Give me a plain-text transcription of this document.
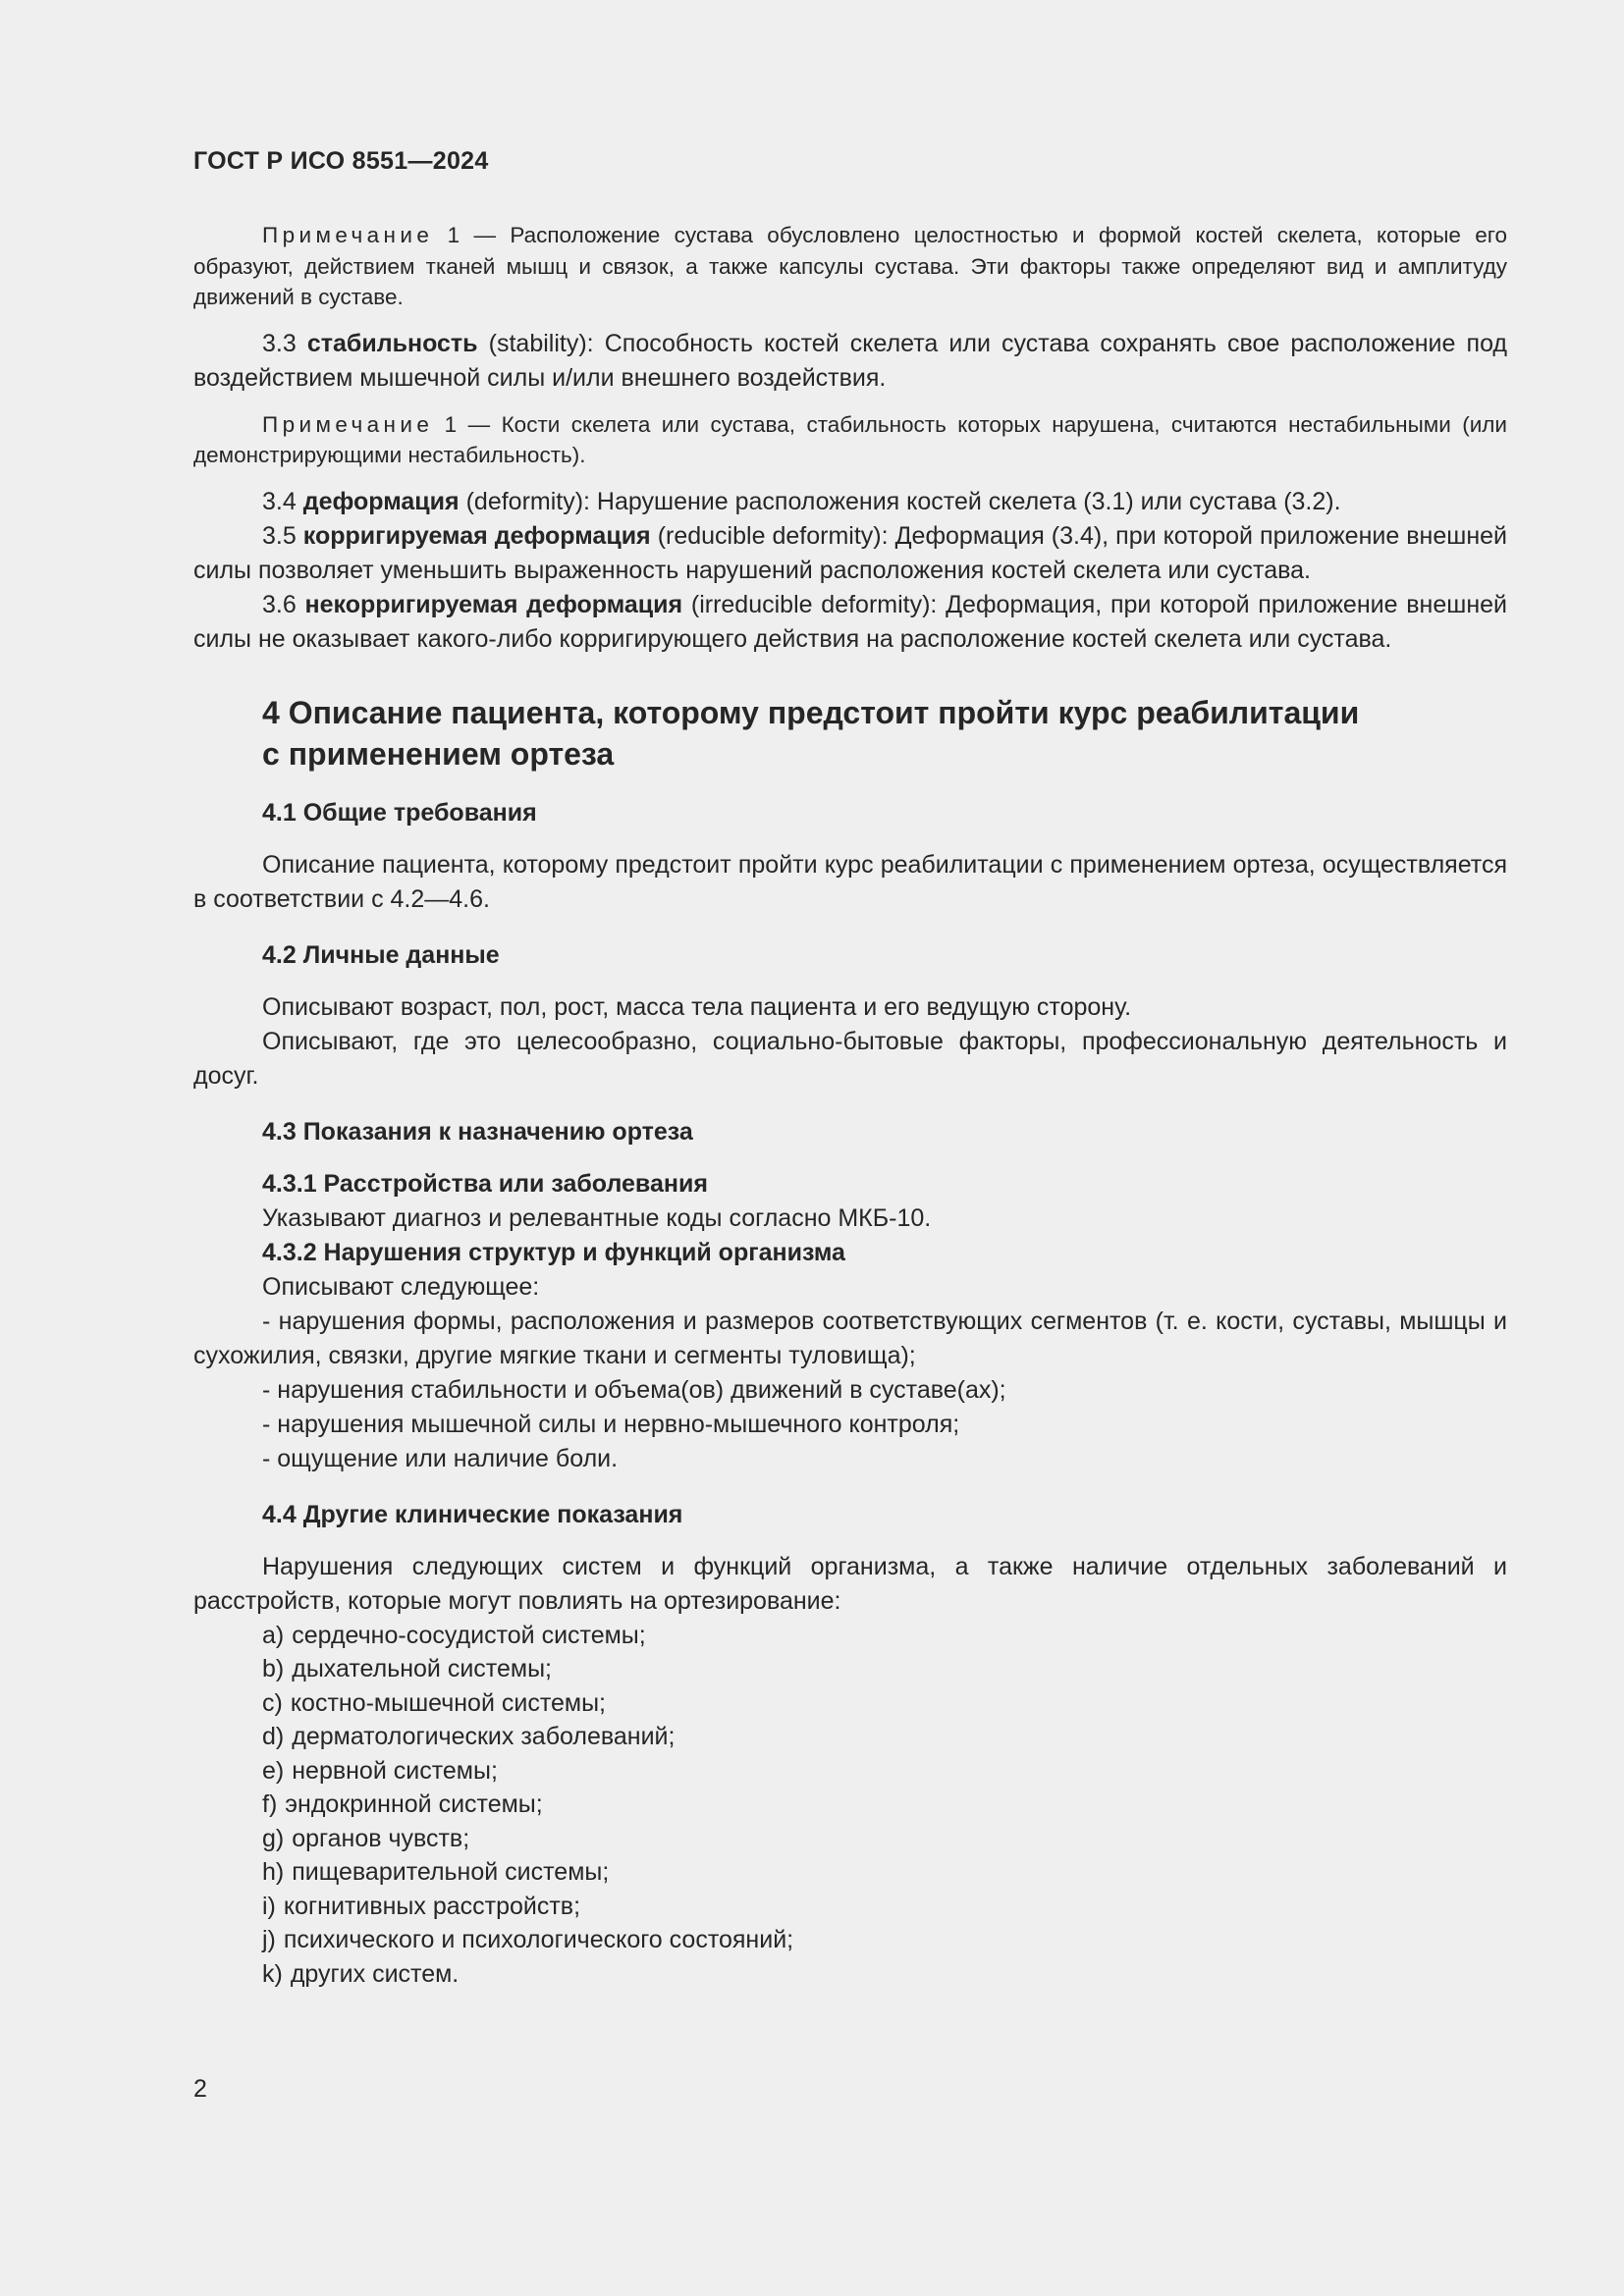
ГОСТ Р ИСО 8551—2024

Примечание 1 — Расположение сустава обусловлено целостностью и формой костей скелета, которые его образуют, действием тканей мышц и связок, а также капсулы сустава. Эти факторы также определяют вид и амплитуду движений в суставе.

3.3 стабильность (stability): Способность костей скелета или сустава сохранять свое расположение под воздействием мышечной силы и/или внешнего воздействия.

Примечание 1 — Кости скелета или сустава, стабильность которых нарушена, считаются нестабильными (или демонстрирующими нестабильность).

3.4 деформация (deformity): Нарушение расположения костей скелета (3.1) или сустава (3.2).

3.5 корригируемая деформация (reducible deformity): Деформация (3.4), при которой приложение внешней силы позволяет уменьшить выраженность нарушений расположения костей скелета или сустава.

3.6 некорригируемая деформация (irreducible deformity): Деформация, при которой приложение внешней силы не оказывает какого-либо корригирующего действия на расположение костей скелета или сустава.

4 Описание пациента, которому предстоит пройти курс реабилитации
с применением ортеза
4.1 Общие требования

Описание пациента, которому предстоит пройти курс реабилитации с применением ортеза, осуществляется в соответствии с 4.2—4.6.

4.2 Личные данные

Описывают возраст, пол, рост, масса тела пациента и его ведущую сторону.

Описывают, где это целесообразно, социально-бытовые факторы, профессиональную деятельность и досуг.

4.3 Показания к назначению ортеза
4.3.1 Расстройства или заболевания

Указывают диагноз и релевантные коды согласно МКБ-10.

4.3.2 Нарушения структур и функций организма

Описывают следующее:

- нарушения формы, расположения и размеров соответствующих сегментов (т. е. кости, суставы, мышцы и сухожилия, связки, другие мягкие ткани и сегменты туловища);

- нарушения стабильности и объема(ов) движений в суставе(ах);

- нарушения мышечной силы и нервно-мышечного контроля;

- ощущение или наличие боли.

4.4 Другие клинические показания

Нарушения следующих систем и функций организма, а также наличие отдельных заболеваний и расстройств, которые могут повлиять на ортезирование:

a) сердечно-сосудистой системы;
b) дыхательной системы;
c) костно-мышечной системы;
d) дерматологических заболеваний;
e) нервной системы;
f) эндокринной системы;
g) органов чувств;
h) пищеварительной системы;
i) когнитивных расстройств;
j) психического и психологического состояний;
k) других систем.
2
